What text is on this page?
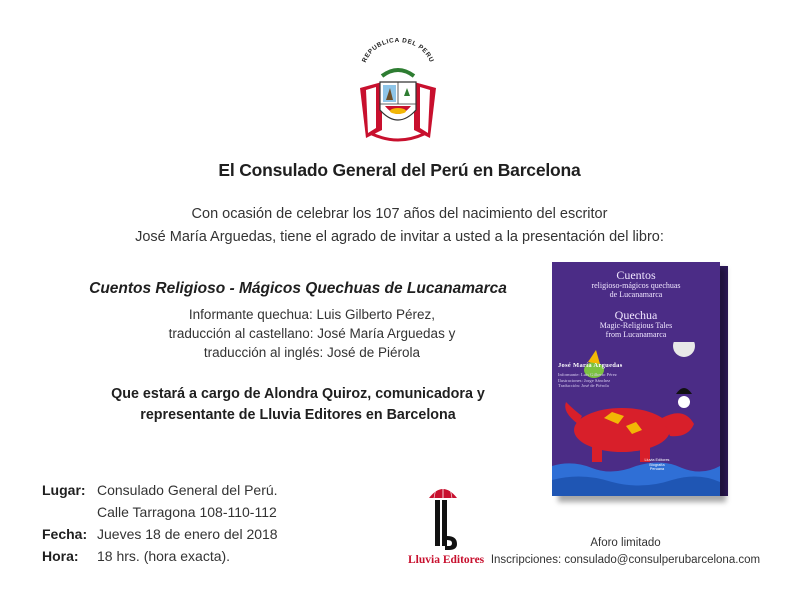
REPUBLICA DEL PERU
El Consulado General del Perú en Barcelona
Con ocasión de celebrar los 107 años del nacimiento del escritor
José María Arguedas, tiene el agrado de invitar a usted a la presentación del libro:
Cuentos Religioso - Mágicos Quechuas de Lucanamarca
Informante quechua: Luis Gilberto Pérez,
traducción al castellano: José María Arguedas y
traducción al inglés: José de Piérola
Que estará a cargo de Alondra Quiroz, comunicadora y
representante de Lluvia Editores en Barcelona
Lugar: Consulado General del Perú.
Calle Tarragona 108-110-112
Fecha: Jueves 18 de enero del 2018
Hora:	18 hrs. (hora exacta).	Lluvia Editores
Aforo limitado
Inscripciones: consulado@consulperubarcelona.com
Cuentos
religioso-mágicos quechuas
de Lucanamarca
Quechua
Magic-Religious Tales
from Lucanamarca
José María Arguedas
Informante: Luis Gilberto Pérez
Ilustraciones: Jorge Sánchez
Traducción: José de Piérola
Lluvia Editores
Biografía Peruana
